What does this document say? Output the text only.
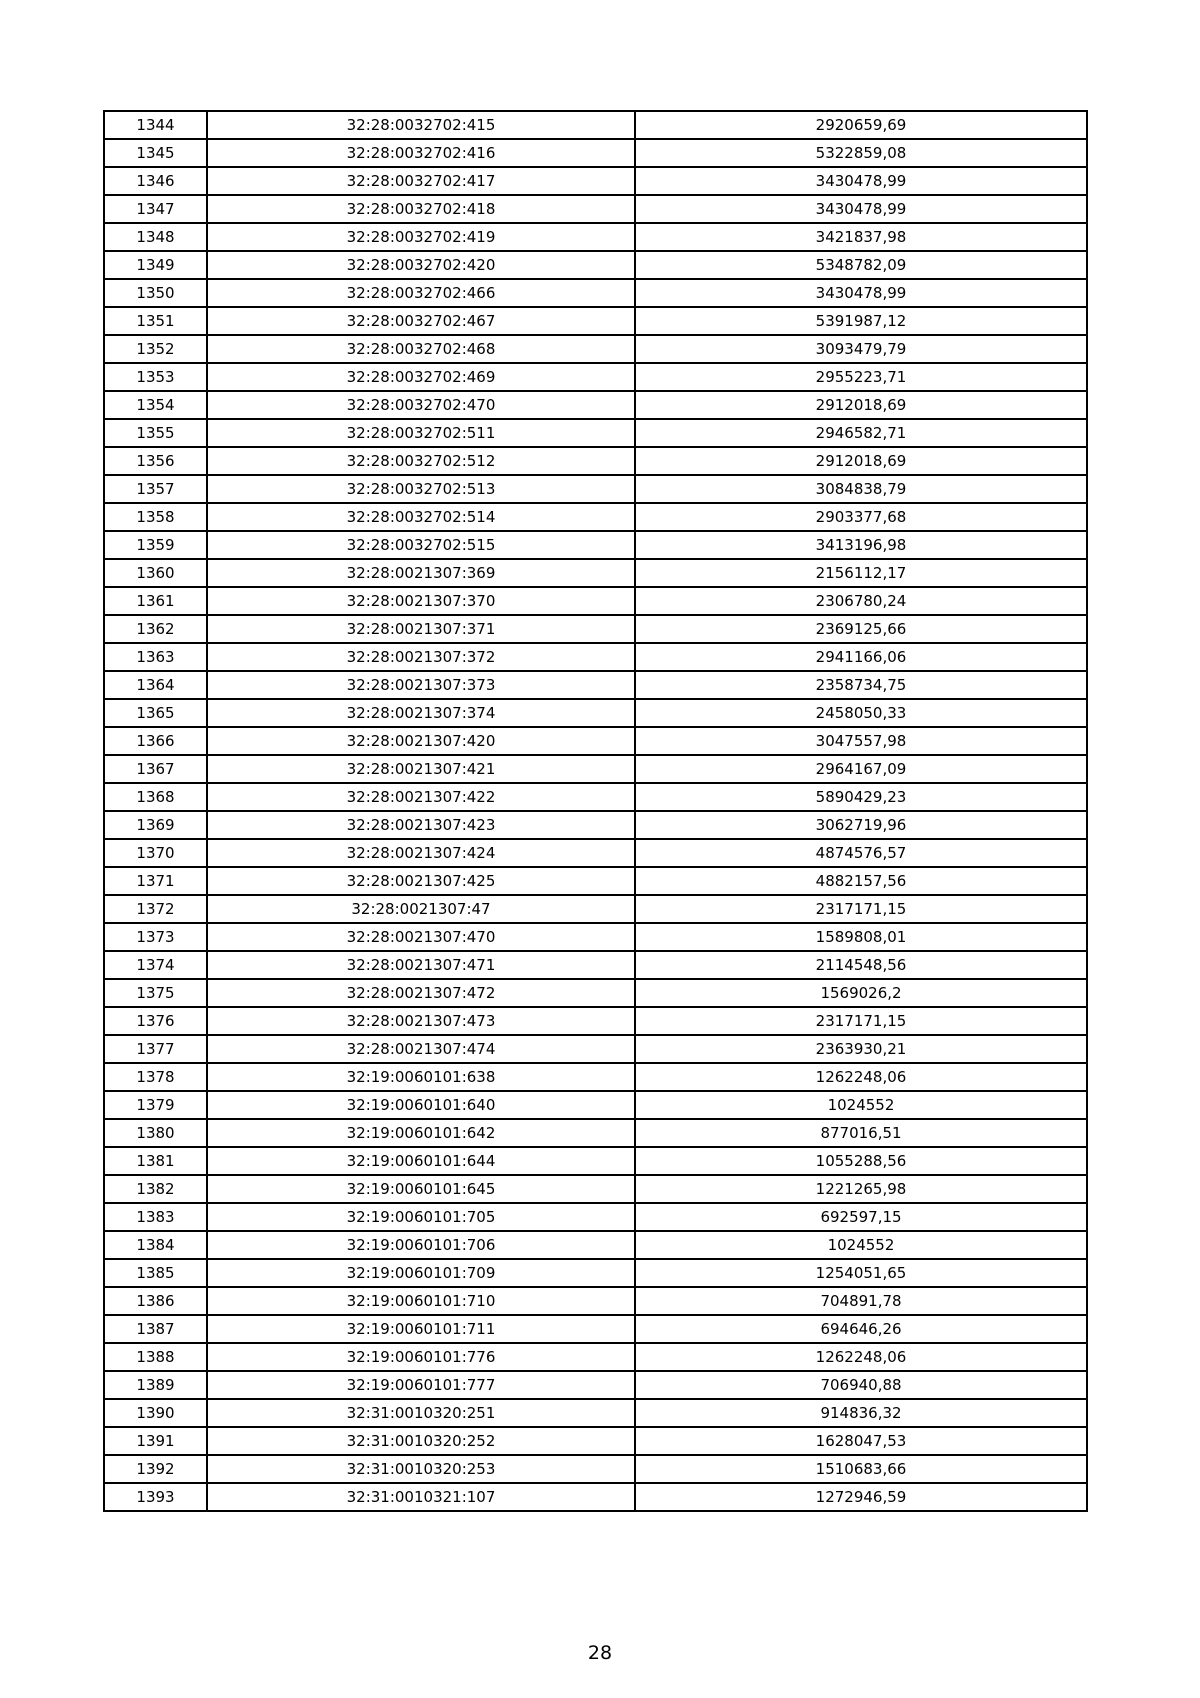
1344	32:28:0032702:415	2920659,69
1345	32:28:0032702:416	5322859,08
1346	32:28:0032702:417	3430478,99
1347	32:28:0032702:418	3430478,99
1348	32:28:0032702:419	3421837,98
1349	32:28:0032702:420	5348782,09
1350	32:28:0032702:466	3430478,99
1351	32:28:0032702:467	5391987,12
1352	32:28:0032702:468	3093479,79
1353	32:28:0032702:469	2955223,71
1354	32:28:0032702:470	2912018,69
1355	32:28:0032702:511	2946582,71
1356	32:28:0032702:512	2912018,69
1357	32:28:0032702:513	3084838,79
1358	32:28:0032702:514	2903377,68
1359	32:28:0032702:515	3413196,98
1360	32:28:0021307:369	2156112,17
1361	32:28:0021307:370	2306780,24
1362	32:28:0021307:371	2369125,66
1363	32:28:0021307:372	2941166,06
1364	32:28:0021307:373	2358734,75
1365	32:28:0021307:374	2458050,33
1366	32:28:0021307:420	3047557,98
1367	32:28:0021307:421	2964167,09
1368	32:28:0021307:422	5890429,23
1369	32:28:0021307:423	3062719,96
1370	32:28:0021307:424	4874576,57
1371	32:28:0021307:425	4882157,56
1372	32:28:0021307:47	2317171,15
1373	32:28:0021307:470	1589808,01
1374	32:28:0021307:471	2114548,56
1375	32:28:0021307:472	1569026,2
1376	32:28:0021307:473	2317171,15
1377	32:28:0021307:474	2363930,21
1378	32:19:0060101:638	1262248,06
1379	32:19:0060101:640	1024552
1380	32:19:0060101:642	877016,51
1381	32:19:0060101:644	1055288,56
1382	32:19:0060101:645	1221265,98
1383	32:19:0060101:705	692597,15
1384	32:19:0060101:706	1024552
1385	32:19:0060101:709	1254051,65
1386	32:19:0060101:710	704891,78
1387	32:19:0060101:711	694646,26
1388	32:19:0060101:776	1262248,06
1389	32:19:0060101:777	706940,88
1390	32:31:0010320:251	914836,32
1391	32:31:0010320:252	1628047,53
1392	32:31:0010320:253	1510683,66
1393	32:31:0010321:107	1272946,59
28
